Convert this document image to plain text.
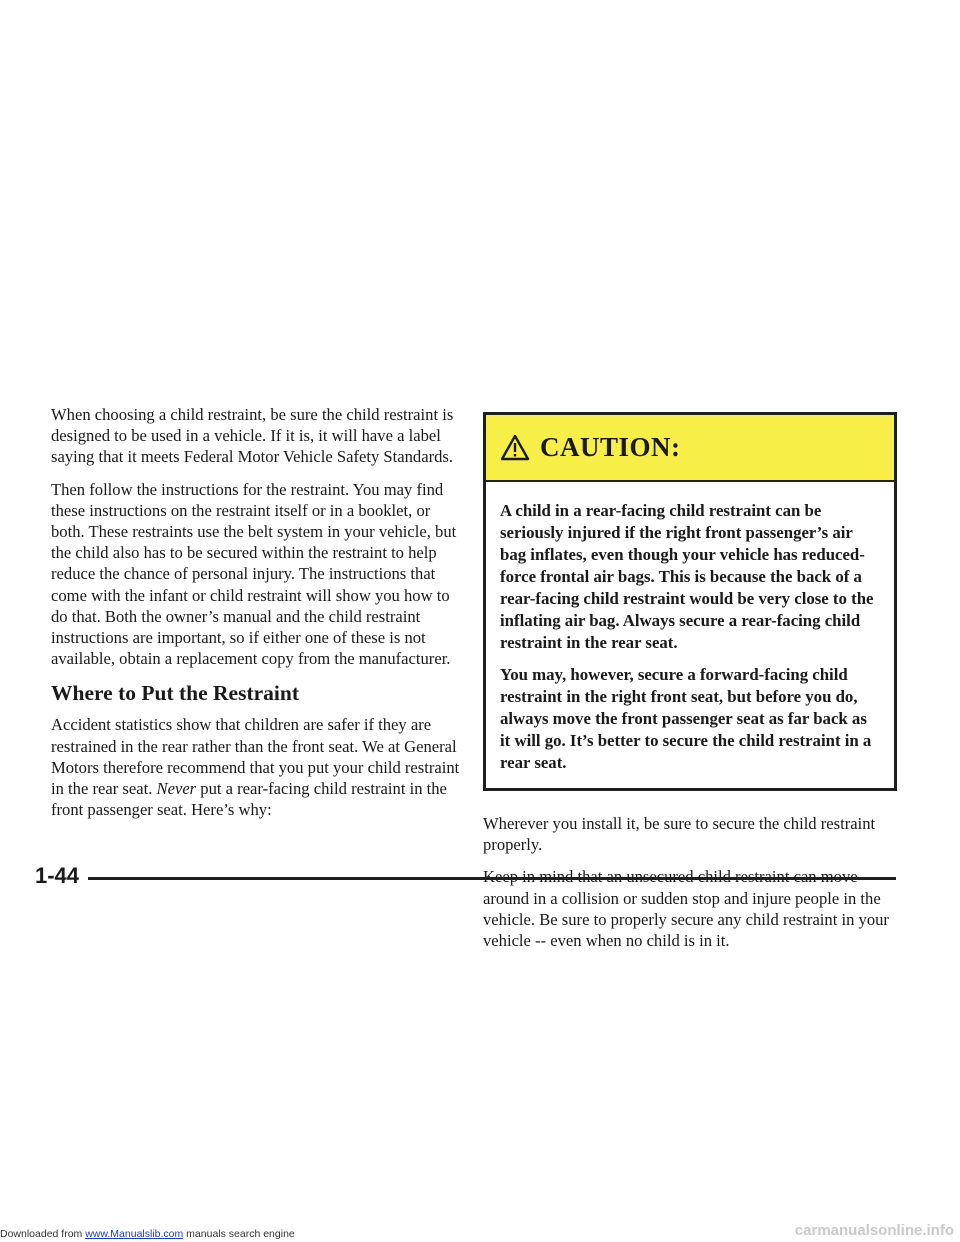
When choosing a child restraint, be sure the child restraint is designed to be used in a vehicle. If it is, it will have a label saying that it meets Federal Motor Vehicle Safety Standards.

Then follow the instructions for the restraint. You may find these instructions on the restraint itself or in a booklet, or both. These restraints use the belt system in your vehicle, but the child also has to be secured within the restraint to help reduce the chance of personal injury. The instructions that come with the infant or child restraint will show you how to do that. Both the owner’s manual and the child restraint instructions are important, so if either one of these is not available, obtain a replacement copy from the manufacturer.

Where to Put the Restraint

Accident statistics show that children are safer if they are restrained in the rear rather than the front seat. We at General Motors therefore recommend that you put your child restraint in the rear seat. Never put a rear-facing child restraint in the front passenger seat. Here’s why:

CAUTION:

A child in a rear-facing child restraint can be seriously injured if the right front passenger’s air bag inflates, even though your vehicle has reduced-force frontal air bags. This is because the back of a rear-facing child restraint would be very close to the inflating air bag. Always secure a rear-facing child restraint in the rear seat.

You may, however, secure a forward-facing child restraint in the right front seat, but before you do, always move the front passenger seat as far back as it will go. It’s better to secure the child restraint in a rear seat.

Wherever you install it, be sure to secure the child restraint properly.

around in a collision or sudden stop and injure people in the vehicle. Be sure to properly secure any child restraint in your vehicle -- even when no child is in it.

1-44
Downloaded from www.Manualslib.com manuals search engine	carmanualsonline.info
